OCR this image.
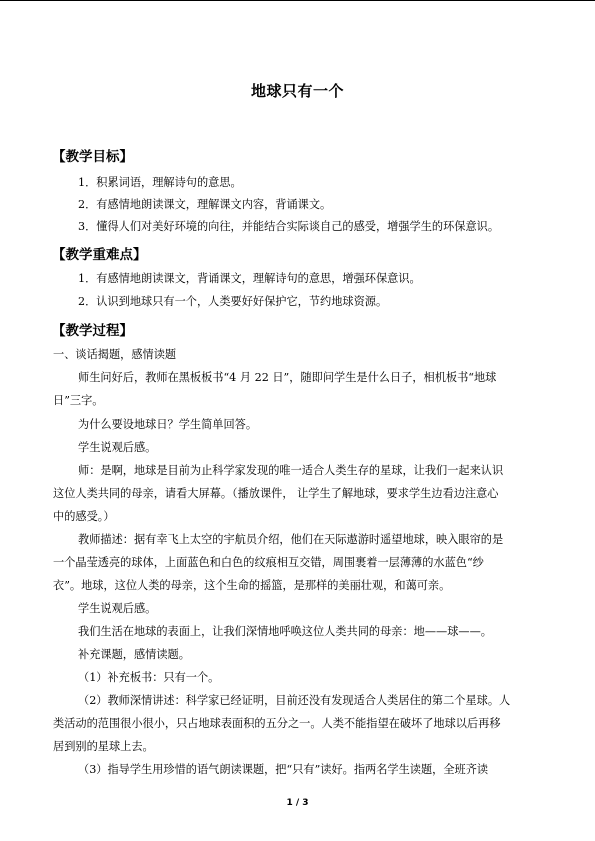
地球只有一个
【教学目标】
1．积累词语，理解诗句的意思。
2．有感情地朗读课文，理解课文内容，背诵课文。
3．懂得人们对美好环境的向往，并能结合实际谈自己的感受，增强学生的环保意识。
【教学重难点】
1．有感情地朗读课文，背诵课文，理解诗句的意思，增强环保意识。
2．认识到地球只有一个，人类要好好保护它，节约地球资源。
【教学过程】
一、谈话揭题，感情读题
师生问好后，教师在黑板板书“4 月 22 日”，随即问学生是什么日子，相机板书“地球
日”三字。
为什么要设地球日？学生简单回答。
学生说观后感。
师：是啊，地球是目前为止科学家发现的唯一适合人类生存的星球，让我们一起来认识
这位人类共同的母亲，请看大屏幕。（播放课件， 让学生了解地球，要求学生边看边注意心
中的感受。）
教师描述：据有幸飞上太空的宇航员介绍，他们在天际遨游时遥望地球，映入眼帘的是
一个晶莹透亮的球体，上面蓝色和白色的纹痕相互交错，周围裹着一层薄薄的水蓝色“纱
衣”。地球，这位人类的母亲，这个生命的摇篮，是那样的美丽壮观，和蔼可亲。
学生说观后感。
我们生活在地球的表面上，让我们深情地呼唤这位人类共同的母亲：地——球——。
补充课题，感情读题。
（1）补充板书：只有一个。
（2）教师深情讲述：科学家已经证明，目前还没有发现适合人类居住的第二个星球。人
类活动的范围很小很小，只占地球表面积的五分之一。人类不能指望在破坏了地球以后再移
居到别的星球上去。
（3）指导学生用珍惜的语气朗读课题，把“只有”读好。指两名学生读题，全班齐读
1 / 3
